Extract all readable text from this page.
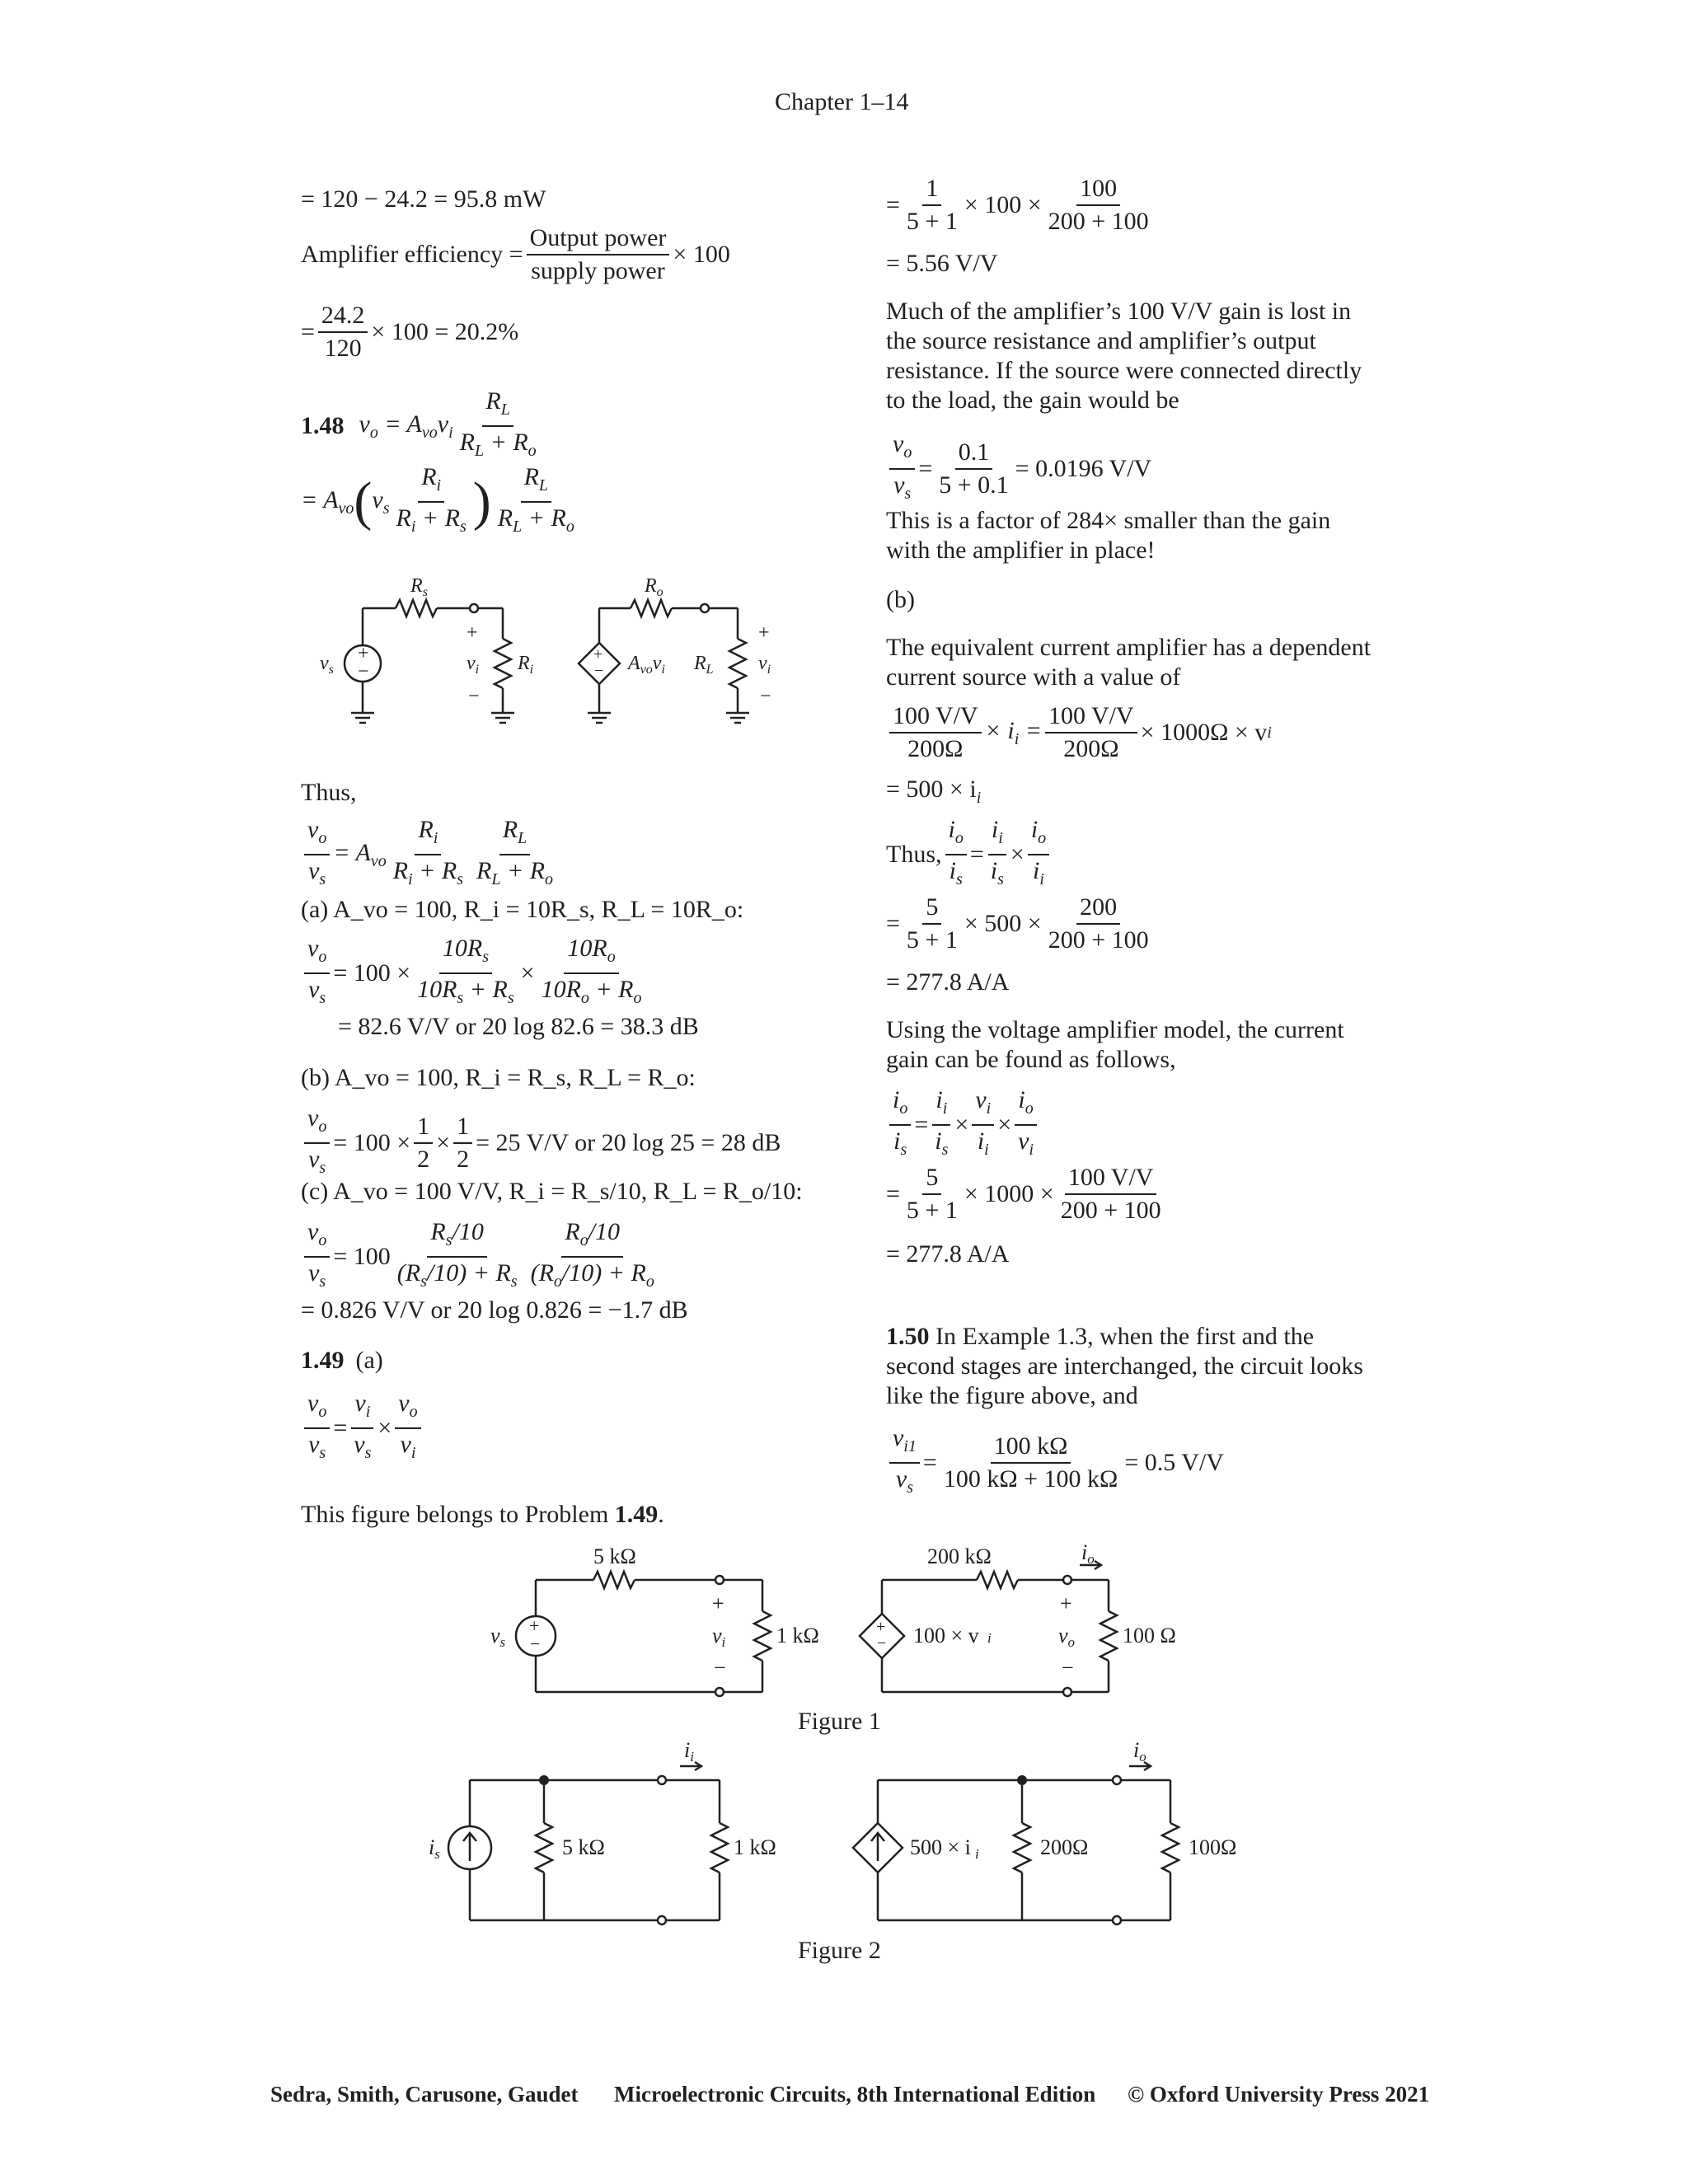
Chapter 1–14
= 120 − 24.2 = 95.8 mW
Amplifier efficiency = $\frac{\text{Output power}}{\text{supply power}} \times 100$
= $\frac{24.2}{120} \times 100 = 20.2\%$
1.48 $v_o = A_{vo}v_i \frac{R_L}{R_L + R_o}$
= $A_{vo}$ ( $v_s \frac{R_i}{R_i + R_s}$ ) $\frac{R_L}{R_L + R_o}$
+
−
$v_s$
$R_s$
+
$v_i$
−
$R_i$
+
− $A_{vo}v_i$
$R_o$
$R_L$
+
$v_i$
−
Thus,
$\frac{v_o}{v_s} = A_{vo} \frac{R_i}{R_i + R_s} \frac{R_L}{R_L + R_o}$
(a) A_vo = 100, R_i = 10R_s, R_L = 10R_o:
$\frac{v_o}{v_s} = 100 \times \frac{10R_s}{10R_s + R_s} \times \frac{10R_o}{10R_o + R_o}$
= 82.6 V/V or 20 log 82.6 = 38.3 dB
(b) A_vo = 100, R_i = R_s, R_L = R_o:
$\frac{v_o}{v_s} = 100 \times \frac{1}{2} \times \frac{1}{2} = 25$ V/V or 20 log 25 = 28 dB
(c) A_vo = 100 V/V, R_i = R_s/10, R_L = R_o/10:
$\frac{v_o}{v_s} = 100 \frac{R_s/10}{(R_s/10) + R_s} \frac{R_o/10}{(R_o/10) + R_o}$
= 0.826 V/V or 20 log 0.826 = −1.7 dB
1.49 (a)
$\frac{v_o}{v_s} = \frac{v_i}{v_s} \times \frac{v_o}{v_i}$
This figure belongs to Problem 1.49.
= $\frac{1}{5 + 1} \times 100 \times \frac{100}{200 + 100}$
= 5.56 V/V
Much of the amplifier’s 100 V/V gain is lost in the source resistance and amplifier’s output resistance. If the source were connected directly to the load, the gain would be
$\frac{v_o}{v_s} = \frac{0.1}{5 + 0.1} = 0.0196$ V/V
This is a factor of 284× smaller than the gain with the amplifier in place!
(b)
The equivalent current amplifier has a dependent current source with a value of
$\frac{100 V/V}{200\Omega} \times i_i = \frac{100 V/V}{200\Omega} \times 1000\Omega \times v$ i
= $500 \times i_i$
Thus, $\frac{i_o}{i_s} = \frac{i_i}{i_s} \times \frac{i_o}{i_i}$
= $\frac{5}{5 + 1} \times 500 \times \frac{200}{200 + 100}$
= 277.8 A/A
Using the voltage amplifier model, the current gain can be found as follows,
$\frac{i_o}{i_s} = \frac{i_i}{i_s} \times \frac{v_i}{i_i} \times \frac{i_o}{v_i}$
= $\frac{5}{5 + 1} \times 1000 \times \frac{100 V/V}{200 + 100}$
= 277.8 A/A
1.50 In Example 1.3, when the first and the second stages are interchanged, the circuit looks like the figure above, and
$\frac{v_{i1}}{v_s} = \frac{100 k\Omega}{100 k\Omega + 100 k\Omega} = 0.5$ V/V
+
−
vs
5 kΩ
+
vi
−
1 kΩ	+
− 100 × v i
200 kΩ	io
+
vo
−
100 Ω
Figure 1
is	5 kΩ
ii
1 kΩ	500 × i i	200Ω
io
100Ω
Figure 2
Sedra, Smith, Carusone, Gaudet Microelectronic Circuits, 8th International Edition © Oxford University Press 2021
